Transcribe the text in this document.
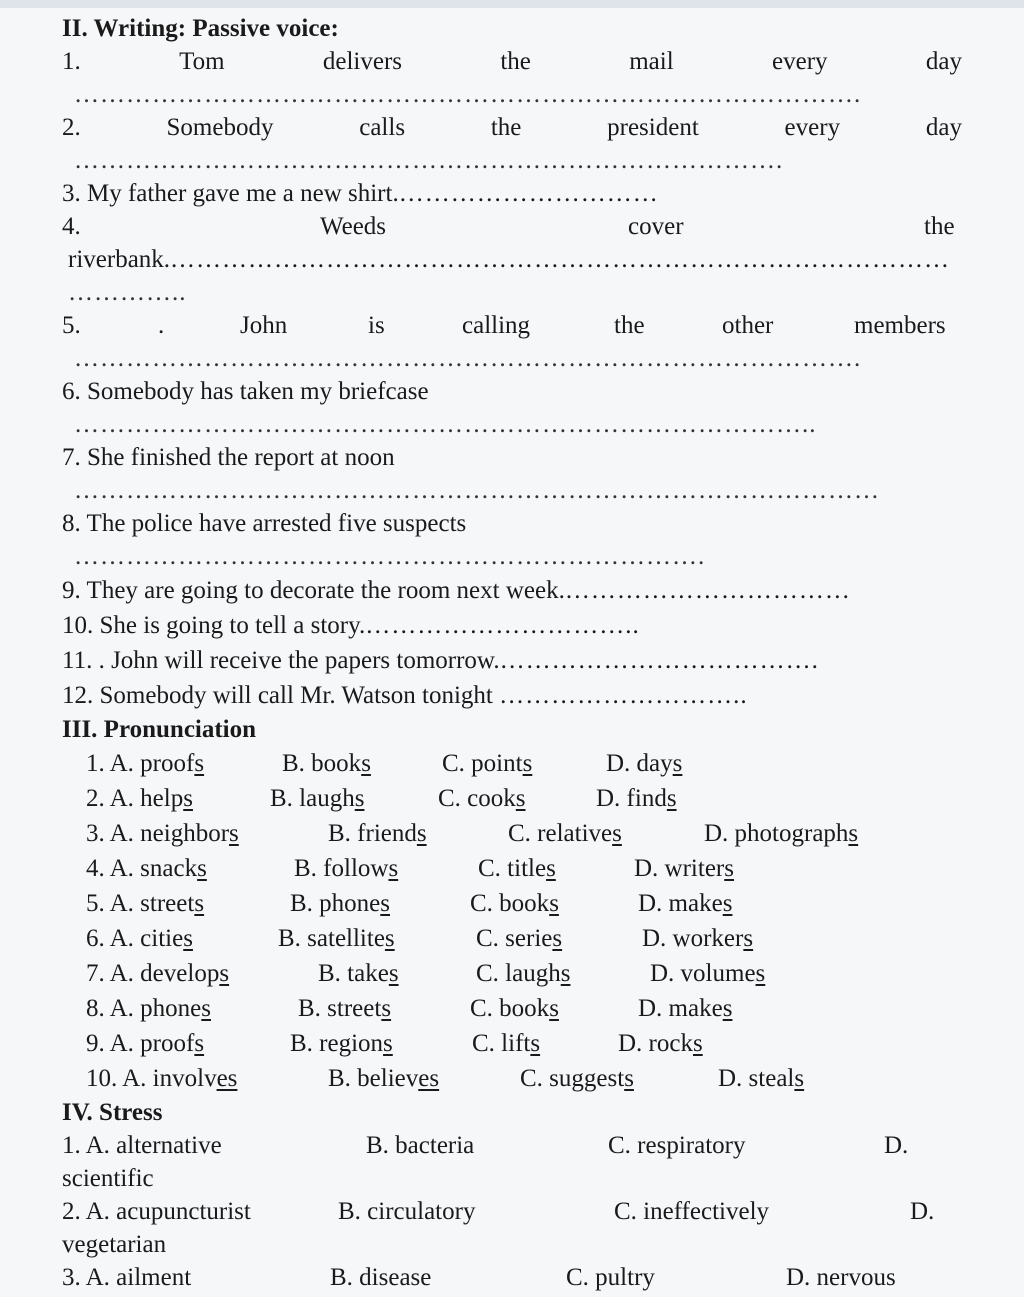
II. Writing: Passive voice:
1.	Tom	delivers	the	mail	every	day
……………………………………………………………………………….
2.	Somebody	calls	the	president	every	day
……………………………………………………………………….
3. My father gave me a new shirt.…………………………
4.	Weeds	cover	the
riverbank.………………………………………………………………………………
…………..
5.	.	John	is	calling	the	other	members
……………………………………………………………………………….
6. Somebody has taken my briefcase
…………………………………………………………………………..
7. She finished the report at noon
…………………………………………………………………………………
8. The police have arrested five suspects
……………………………………………………………….
9. They are going to decorate the room next week.……………………………
10. She is going to tell a story.…………………………..
11. . John will receive the papers tomorrow.……………………………….
12. Somebody will call Mr. Watson tonight ………………………..
III. Pronunciation
1. A. proofs	B. books	C. points	D. days
2. A. helps	B. laughs	C. cooks	D. finds
3. A. neighbors	B. friends	C. relatives	D. photographs
4. A. snacks	B. follows	C. titles	D. writers
5. A. streets	B. phones	C. books	D. makes
6. A. cities	B. satellites	C. series	D. workers
7. A. develops	B. takes	C. laughs	D. volumes
8. A. phones	B. streets	C. books	D. makes
9. A. proofs	B. regions	C. lifts	D. rocks
10. A. involves	B. believes	C. suggests	D. steals
IV. Stress
1. A. alternative	B. bacteria	C. respiratory	D.
scientific
2. A. acupuncturist	B. circulatory	C. ineffectively	D.
vegetarian
3. A. ailment	B. disease	C. pultry	D. nervous
